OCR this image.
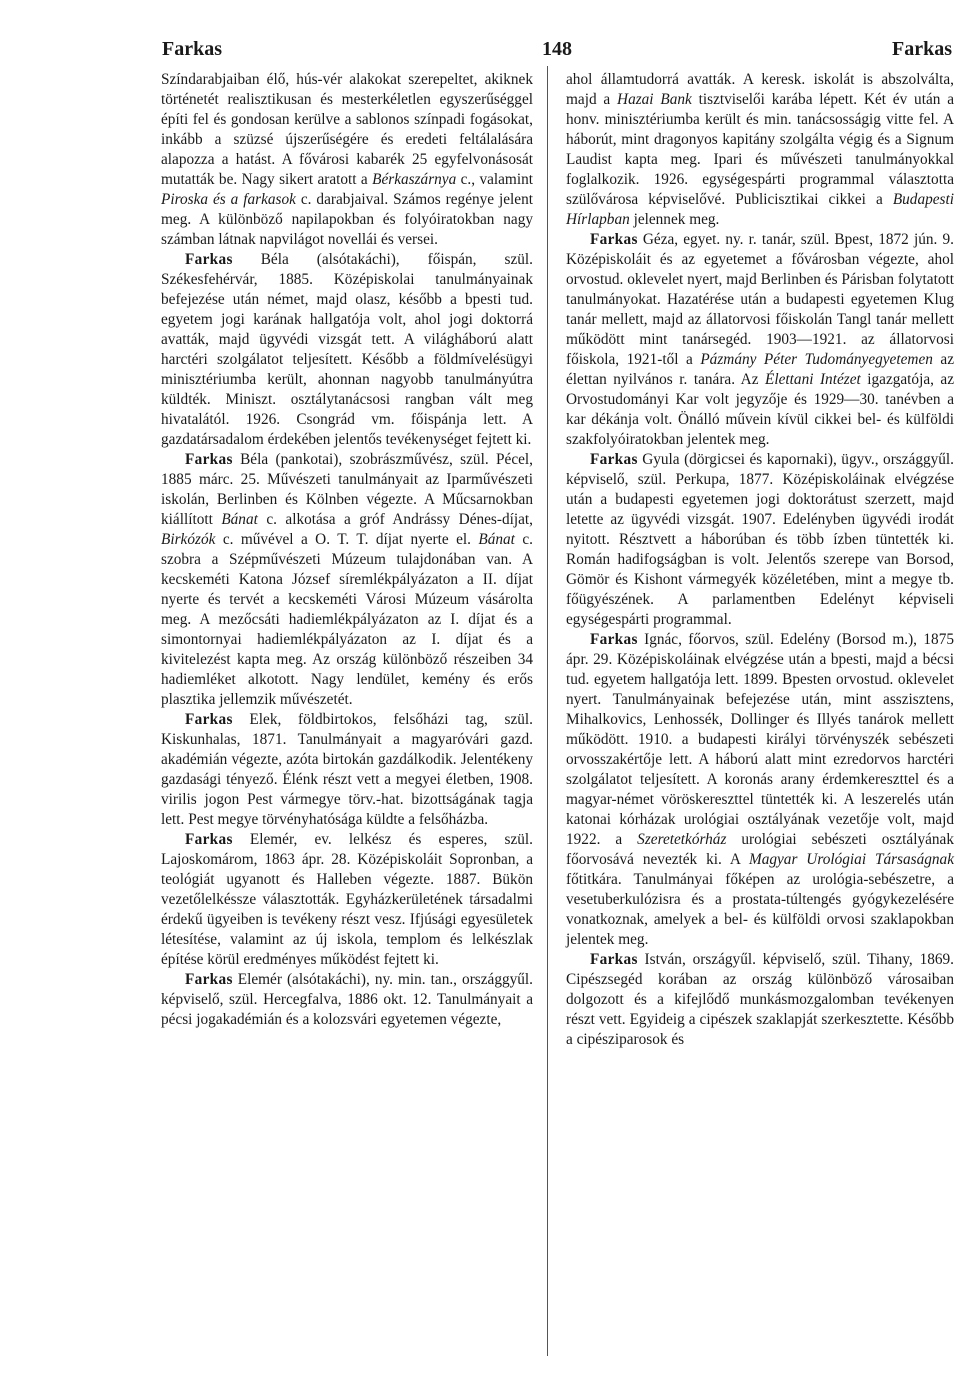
Farkas	148	Farkas

Színdarabjaiban élő, hús-vér alakokat szerepeltet, akiknek történetét realisztikusan és mesterkéletlen egyszerűséggel építi fel és gondosan kerülve a sablonos színpadi fogásokat, inkább a szüzsé újszerűségére és eredeti feltálalására alapozza a hatást. A fővárosi kabarék 25 egyfelvonásosát mutatták be. Nagy sikert aratott a Bérkaszárnya c., valamint Piroska és a farkasok c. darabjaival. Számos regénye jelent meg. A különböző napilapokban és folyóiratokban nagy számban látnak napvilágot novellái és versei.

Farkas Béla (alsótakáchi), főispán, szül. Székesfehérvár, 1885. Középiskolai tanulmányainak befejezése után német, majd olasz, később a bpesti tud. egyetem jogi karának hallgatója volt, ahol jogi doktorrá avatták, majd ügyvédi vizsgát tett. A világháború alatt harctéri szolgálatot teljesített. Később a földmívelésügyi minisztériumba került, ahonnan nagyobb tanulmányútra küldték. Miniszt. osztálytanácsosi rangban vált meg hivatalától. 1926. Csongrád vm. főispánja lett. A gazdatársadalom érdekében jelentős tevékenységet fejtett ki.

Farkas Béla (pankotai), szobrászművész, szül. Pécel, 1885 márc. 25. Művészeti tanulmányait az Iparművészeti iskolán, Berlinben és Kölnben végezte. A Műcsarnokban kiállított Bánat c. alkotása a gróf Andrássy Dénes-díjat, Birkózók c. művével a O. T. T. díjat nyerte el. Bánat c. szobra a Szépművészeti Múzeum tulajdonában van. A kecskeméti Katona József síremlékpályázaton a II. díjat nyerte és tervét a kecskeméti Városi Múzeum vásárolta meg. A mezőcsáti hadiemlékpályázaton az I. díjat és a simontornyai hadiemlékpályázaton az I. díjat és a kivitelezést kapta meg. Az ország különböző részeiben 34 hadiemléket alkotott. Nagy lendület, kemény és erős plasztika jellemzik művészetét.

Farkas Elek, földbirtokos, felsőházi tag, szül. Kiskunhalas, 1871. Tanulmányait a magyaróvári gazd. akadémián végezte, azóta birtokán gazdálkodik. Jelentékeny gazdasági tényező. Élénk részt vett a megyei életben, 1908. virilis jogon Pest vármegye törv.-hat. bizottságának tagja lett. Pest megye törvényhatósága küldte a felsőházba.

Farkas Elemér, ev. lelkész és esperes, szül. Lajoskomárom, 1863 ápr. 28. Középiskoláit Sopronban, a teológiát ugyanott és Halleben végezte. 1887. Bükön vezetőlelkéssze választották. Egyházkerületének társadalmi érdekű ügyeiben is tevékeny részt vesz. Ifjúsági egyesületek létesítése, valamint az új iskola, templom és lelkészlak építése körül eredményes működést fejtett ki.

Farkas Elemér (alsótakáchi), ny. min. tan., országgyűl. képviselő, szül. Hercegfalva, 1886 okt. 12. Tanulmányait a pécsi jogakadémián és a kolozsvári egyetemen végezte,

ahol államtudorrá avatták. A keresk. iskolát is abszolválta, majd a Hazai Bank tisztviselői karába lépett. Két év után a honv. minisztériumba került és min. tanácsosságig vitte fel. A háborút, mint dragonyos kapitány szolgálta végig és a Signum Laudist kapta meg. Ipari és művészeti tanulmányokkal foglalkozik. 1926. egységespárti programmal választotta szülővárosa képviselővé. Publicisztikai cikkei a Budapesti Hírlapban jelennek meg.

Farkas Géza, egyet. ny. r. tanár, szül. Bpest, 1872 jún. 9. Középiskoláit és az egyetemet a fővárosban végezte, ahol orvostud. oklevelet nyert, majd Berlinben és Párisban folytatott tanulmányokat. Hazatérése után a budapesti egyetemen Klug tanár mellett, majd az állatorvosi főiskolán Tangl tanár mellett működött mint tanársegéd. 1903—1921. az állatorvosi főiskola, 1921-től a Pázmány Péter Tudományegyetemen az élettan nyilvános r. tanára. Az Élettani Intézet igazgatója, az Orvostudományi Kar volt jegyzője és 1929—30. tanévben a kar dékánja volt. Önálló művein kívül cikkei bel- és külföldi szakfolyóiratokban jelentek meg.

Farkas Gyula (dörgicsei és kapornaki), ügyv., országgyűl. képviselő, szül. Perkupa, 1877. Középiskoláinak elvégzése után a budapesti egyetemen jogi doktorátust szerzett, majd letette az ügyvédi vizsgát. 1907. Edelényben ügyvédi irodát nyitott. Résztvett a háborúban és több ízben tüntették ki. Román hadifogságban is volt. Jelentős szerepe van Borsod, Gömör és Kishont vármegyék közéletében, mint a megye tb. főügyészének. A parlamentben Edelényt képviseli egységespárti programmal.

Farkas Ignác, főorvos, szül. Edelény (Borsod m.), 1875 ápr. 29. Középiskoláinak elvégzése után a bpesti, majd a bécsi tud. egyetem hallgatója lett. 1899. Bpesten orvostud. oklevelet nyert. Tanulmányainak befejezése után, mint asszisztens, Mihalkovics, Lenhossék, Dollinger és Illyés tanárok mellett működött. 1910. a budapesti királyi törvényszék sebészeti orvosszakértője lett. A háború alatt mint ezredorvos harctéri szolgálatot teljesített. A koronás arany érdemkereszttel és a magyar-német vöröskereszttel tüntették ki. A leszerelés után katonai kórházak urológiai osztályának vezetője volt, majd 1922. a Szeretetkórház urológiai sebészeti osztályának főorvosává nevezték ki. A Magyar Urológiai Társaságnak főtitkára. Tanulmányai főképen az urológia-sebészetre, a vesetuberkulózisra és a prostata-túltengés gyógykezelésére vonatkoznak, amelyek a bel- és külföldi orvosi szaklapokban jelentek meg.

Farkas István, országyűl. képviselő, szül. Tihany, 1869. Cipészsegéd korában az ország különböző városaiban dolgozott és a kifejlődő munkásmozgalomban tevékenyen részt vett. Egyideig a cipészek szaklapját szerkesztette. Később a cipésziparosok és
